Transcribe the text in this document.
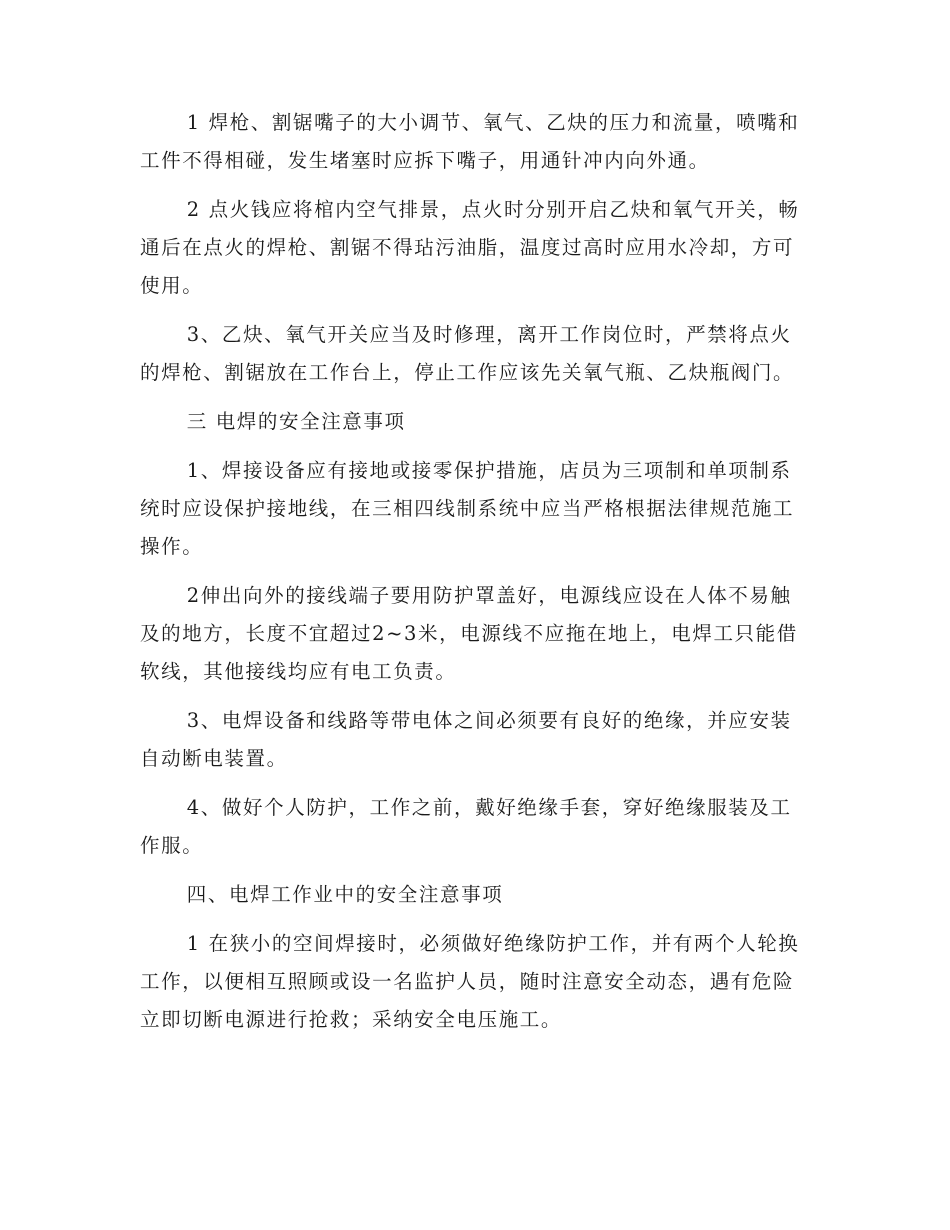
1 焊枪、割锯嘴子的大小调节、氧气、乙炔的压力和流量，喷嘴和工件不得相碰，发生堵塞时应拆下嘴子，用通针冲内向外通。

2 点火钱应将棺内空气排景，点火时分别开启乙炔和氧气开关，畅通后在点火的焊枪、割锯不得玷污油脂，温度过高时应用水冷却，方可使用。

3、乙炔、氧气开关应当及时修理，离开工作岗位时，严禁将点火的焊枪、割锯放在工作台上，停止工作应该先关氧气瓶、乙炔瓶阀门。

三 电焊的安全注意事项

1、焊接设备应有接地或接零保护措施，店员为三项制和单项制系统时应设保护接地线，在三相四线制系统中应当严格根据法律规范施工操作。

2伸出向外的接线端子要用防护罩盖好，电源线应设在人体不易触及的地方，长度不宜超过2~3米，电源线不应拖在地上，电焊工只能借软线，其他接线均应有电工负责。

3、电焊设备和线路等带电体之间必须要有良好的绝缘，并应安装自动断电装置。

4、做好个人防护，工作之前，戴好绝缘手套，穿好绝缘服装及工作服。

四、电焊工作业中的安全注意事项

1 在狭小的空间焊接时，必须做好绝缘防护工作，并有两个人轮换工作，以便相互照顾或设一名监护人员，随时注意安全动态，遇有危险立即切断电源进行抢救；采纳安全电压施工。
